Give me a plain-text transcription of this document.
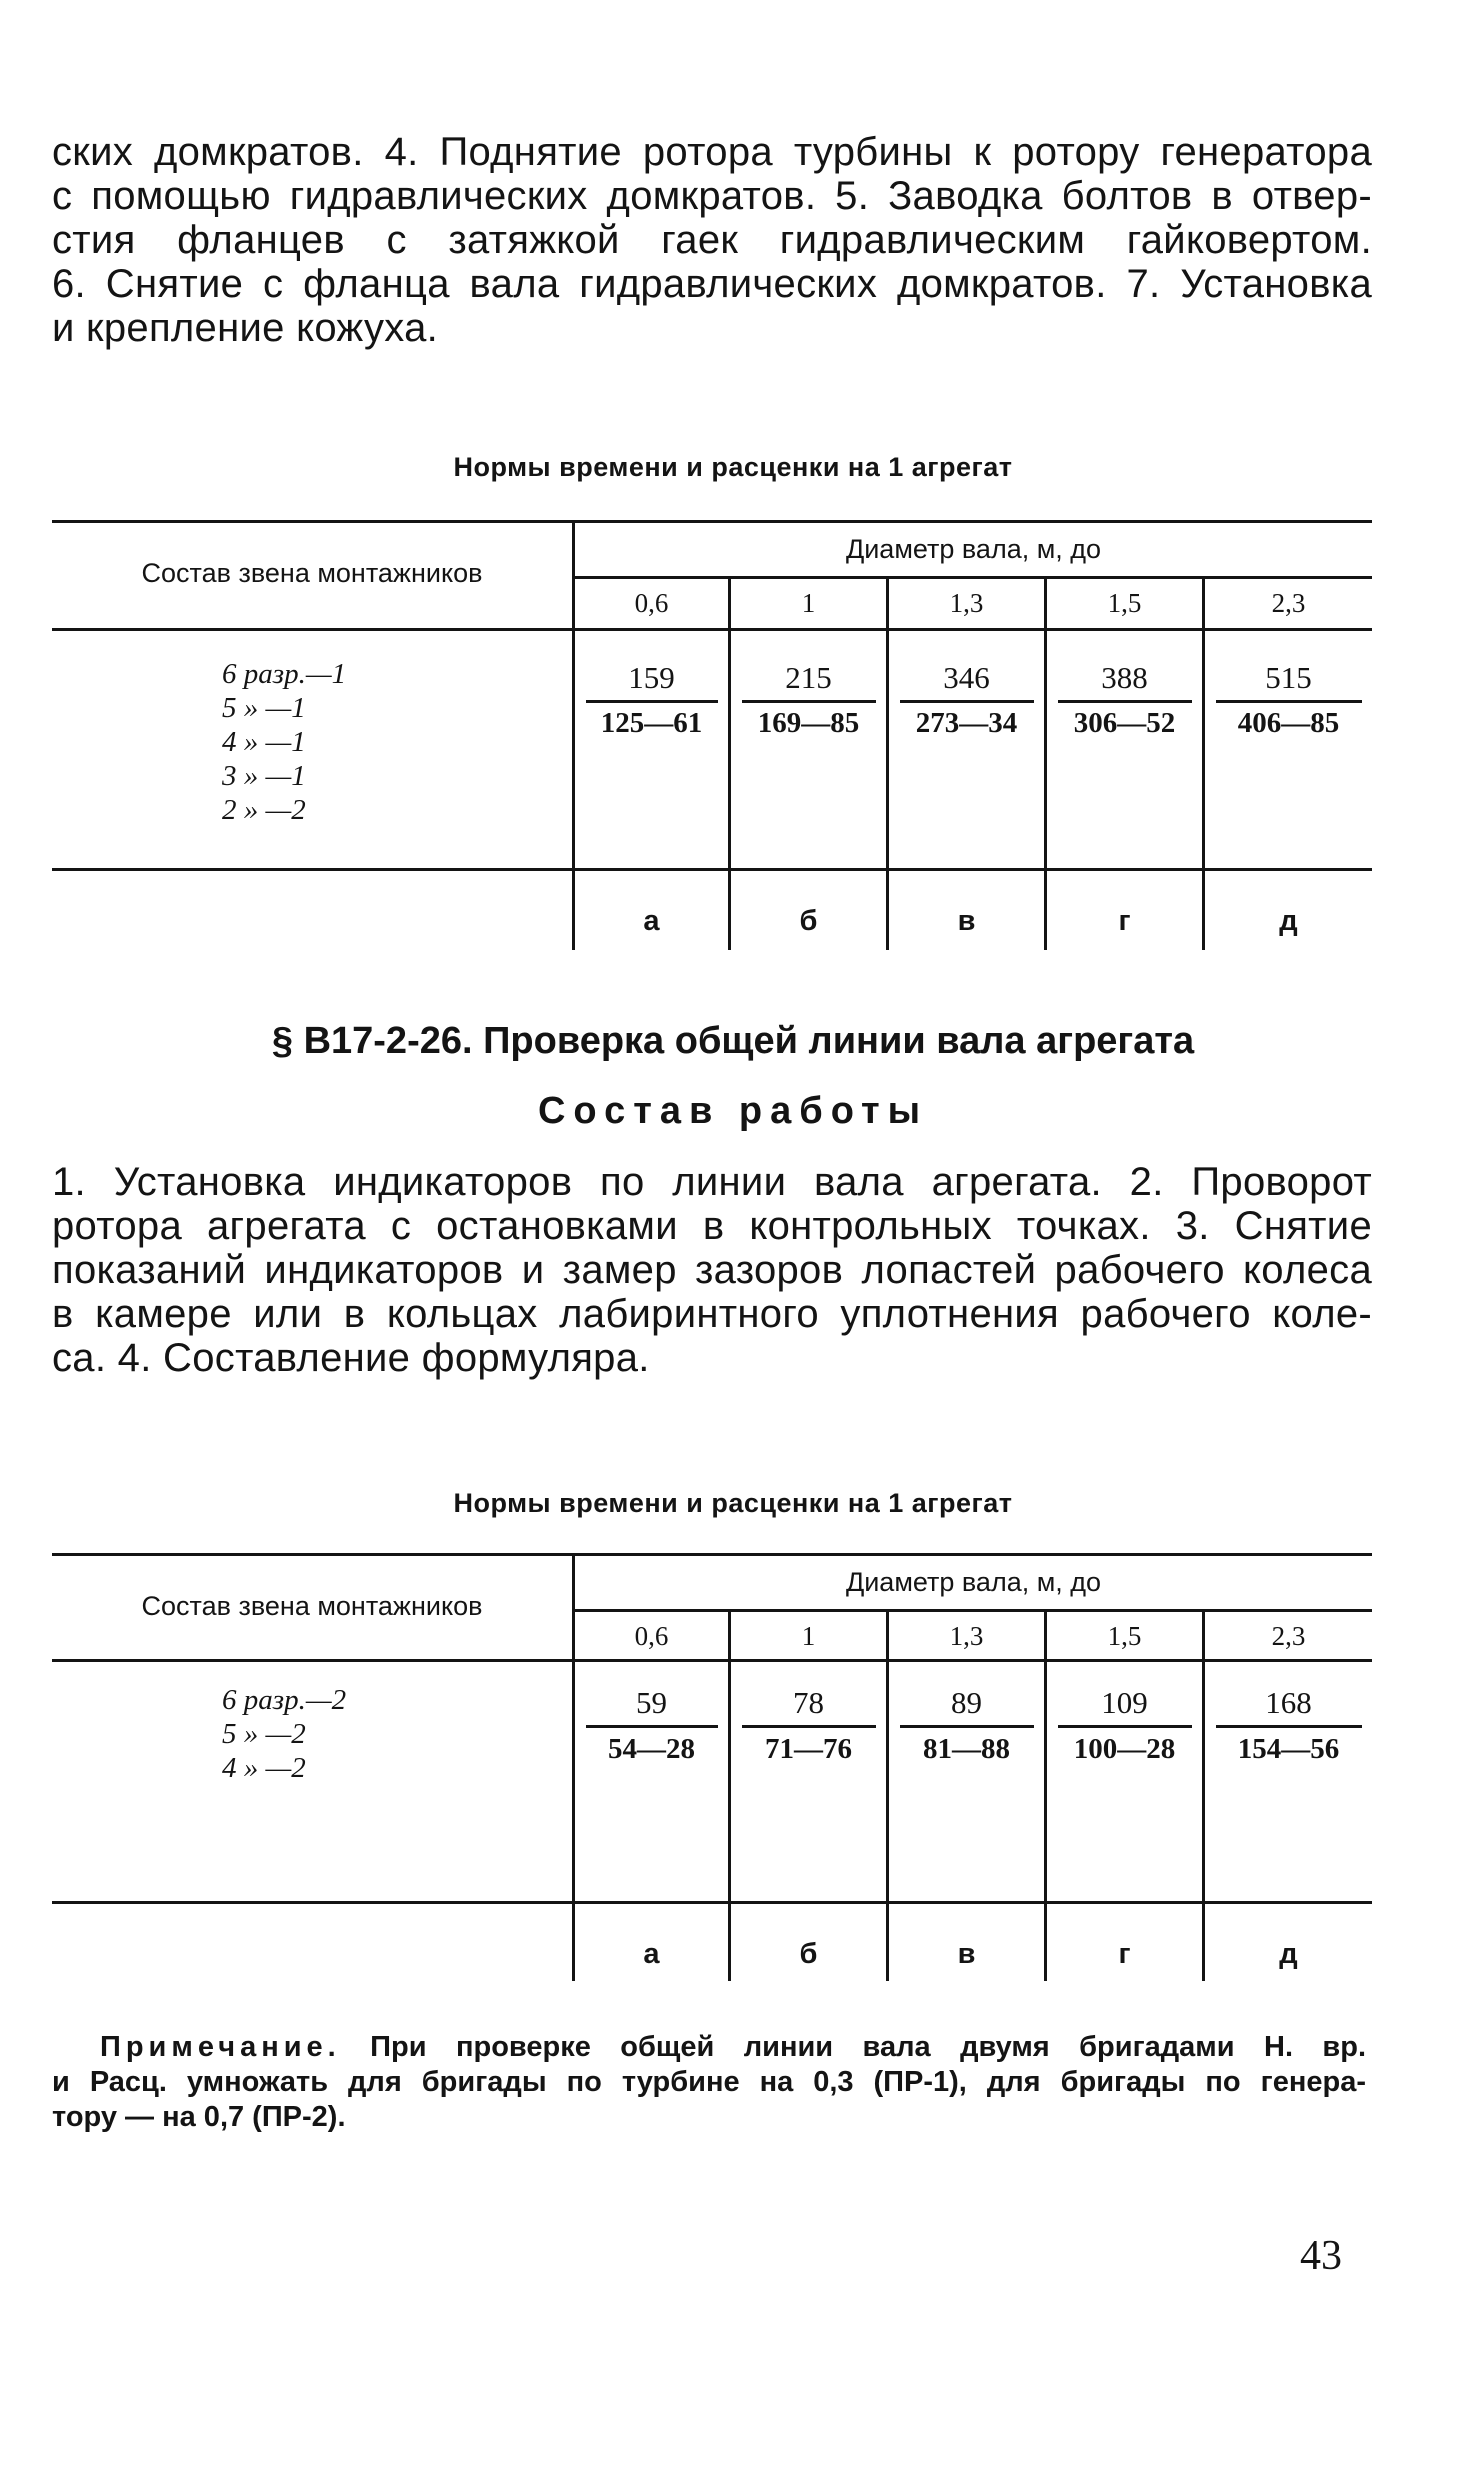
ских домкратов. 4. Поднятие ротора турбины к ротору генератора
с помощью гидравлических домкратов. 5. Заводка болтов в отвер-
стия фланцев с затяжкой гаек гидравлическим гайковертом.
6. Снятие с фланца вала гидравлических домкратов. 7. Установка
и крепление кожуха.
Нормы времени и расценки на 1 агрегат
Состав звена монтажников
Диаметр вала, м, до
0,6	1	1,3	1,5	2,3
6 разр.—1
5 » —1
4 » —1
3 » —1
2 » —2
159	215	346	388	515
125—61	169—85	273—34	306—52	406—85
а	б	в	г	д
§ В17-2-26. Проверка общей линии вала агрегата
Состав работы
1. Установка индикаторов по линии вала агрегата. 2. Проворот
ротора агрегата с остановками в контрольных точках. 3. Снятие
показаний индикаторов и замер зазоров лопастей рабочего колеса
в камере или в кольцах лабиринтного уплотнения рабочего коле-
са. 4. Составление формуляра.
Нормы времени и расценки на 1 агрегат
Состав звена монтажников
Диаметр вала, м, до
0,6	1	1,3	1,5	2,3
6 разр.—2
5 » —2
4 » —2
59	78	89	109	168
54—28	71—76	81—88	100—28	154—56
а	б	в	г	д
Примечание. При проверке общей линии вала двумя бригадами Н. вр.
и Расц. умножать для бригады по турбине на 0,3 (ПР-1), для бригады по генера-
тору — на 0,7 (ПР-2).
43
